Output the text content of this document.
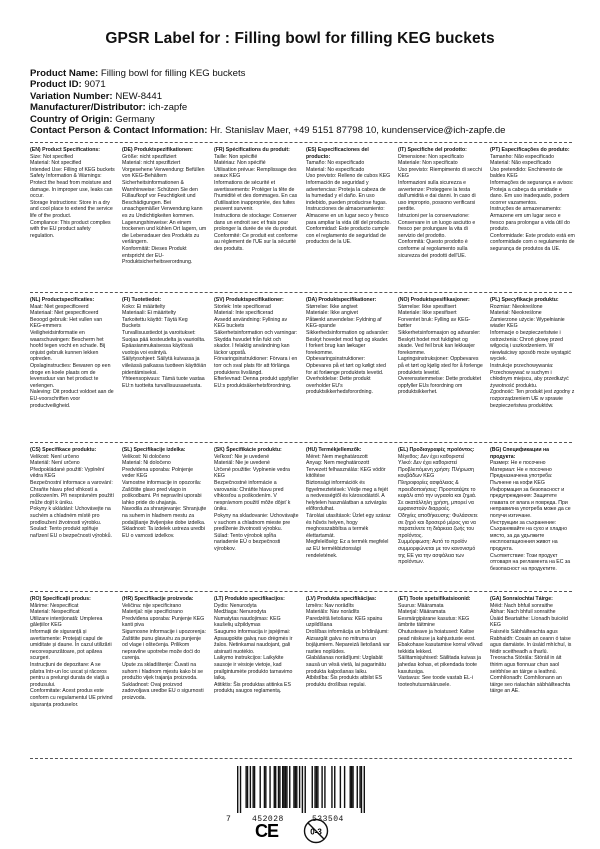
GPSR Label for : Filling bowl for filling KEG buckets
Product Name: Filling bowl for filling KEG buckets
Product ID: 9071
Variation Number: NEW-8441
Manufacturer/Distributor: ich-zapfe
Country of Origin: Germany
Contact Person & Contact Information: Hr. Stanislav Maer, +49 5151 87798 10, kundenservice@ich-zapfe.de
(EN) Product Specifications:
Size: Not specified
Material: Not specified
Intended Use: Filling of KEG buckets
Safety Information & Warnings: Protect the head from moisture and damage. In improper use, leaks can occur.
Storage Instructions: Store in a dry and cool place to extend the service life of the product.
Compliance: This product complies with the EU product safety regulation.
(DE) Produktspezifikationen:
Größe: nicht spezifiziert
Material: nicht spezifiziert
Vorgesehene Verwendung: Befüllen von KEG-Behältern
Sicherheitsinformationen & Warnhinweise: Schützen Sie den Füllaufkopf vor Feuchtigkeit und Beschädigungen. Bei unsachgemäßer Verwendung kann es zu Undichtigkeiten kommen.
Lagerungshinweise: An einem trockenen und kühlen Ort lagern, um die Lebensdauer des Produkts zu verlängern.
Konformität: Dieses Produkt entspricht der EU-Produktsicherheitsverordnung.
(FR) Spécifications du produit:
Taille: Non spécifié
Matériau: Non spécifié
Utilisation prévue: Remplissage des seaux KEG
Informations de sécurité et avertissements: Protéger la tête de l'humidité et des dommages. En cas d'utilisation inappropriée, des fuites peuvent survenir.
Instructions de stockage: Conserver dans un endroit sec et frais pour prolonger la durée de vie du produit.
Conformité: Ce produit est conforme au règlement de l'UE sur la sécurité des produits.
(ES) Especificaciones del producto:
Tamaño: No especificado
Material: No especificado
Uso previsto: Relleno de cubos KEG
Información de seguridad y advertencias: Proteja la cabeza de la humedad y el daño. En uso indebido, pueden producirse fugas.
Instrucciones de almacenamiento: Almacene en un lugar seco y fresco para ampliar la vida útil del producto.
Conformidad: Este producto cumple con el reglamento de seguridad de productos de la UE.
(IT) Specifiche del prodotto:
Dimensione: Non specificato
Materiale: Non specificato
Uso previsto: Riempimento di secchi KEG
Informazioni sulla sicurezza e avvertenze: Proteggere la testa dall'umidità e dai danni. In caso di uso improprio, possono verificarsi perdite.
Istruzioni per la conservazione: Conservare in un luogo asciutto e fresco per prolungare la vita di servizio del prodotto.
Conformità: Questo prodotto è conforme al regolamento sulla sicurezza dei prodotti dell'UE.
(PT) Especificações do produto:
Tamanho: Não especificado
Material: Não especificado
Uso pretendido: Enchimento de baldes KEG
Informações de segurança e avisos: Proteja a cabeça da umidade e dano. Em uso inadequado, podem ocorrer vazamentos.
Instruções de armazenamento: Armazene em um lugar seco e fresco para prolongar a vida útil do produto.
Conformidade: Este produto está em conformidade com o regulamento de segurança de produtos da UE.
(NL) Productspecificaties:
Maat: Niet gespecificeerd
Materiaal: Niet gespecificeerd
Beoogd gebruik: Het vullen van KEG-emmers
Veiligheidsinformatie en waarschuwingen: Bescherm het hoofd tegen vocht en schade. Bij onjuist gebruik kunnen lekken optreden.
Opslaginstructies: Bewaren op een droge en koele plaats om de levensduur van het product te verlengen.
Naleving: Dit product voldoet aan de EU-voorschriften voor productveiligheid.
(FI) Tuotetiedot:
Koko: Ei määritelty
Materiaali: Ei määritelty
Tarkoitettu käyttö: Täytä Keg Buckets
Turvallisuustiedot ja varoitukset: Suojaa pää kosteudelta ja vaurioilta. Epäasianmukaisessa käytössä vuotoja voi esiintyä.
Säilytysohjeet: Säilytä kuivassa ja viileässä paikassa tuotteen käyttöiän pidentämiseksi.
Yhteensopivuus: Tämä tuote vastaa EU:n tuotteita turvallisuusasetusta.
(SV) Produktspecifikationer:
Storlek: Inte specificerad
Material: Inte specificerad
Avsedd användning: Fyllning av KEG buckets
Säkerhetsinformation och varningar: Skydda huvudet från fukt och skador. I felaktig användning kan läckor uppstå.
Förvaringsinstruktioner: Förvara i en torr och sval plats för att förlänga produktens livslängd.
Efterlevnad: Denna produkt uppfyller EU:s produktsäkerhetsförordning.
(DA) Produktspecifikationer:
Størrelse: Ikke angivet
Materiale: Ikke angivet
Påtænkt anvendelse: Fyldning af KEG-spande
Sikkerhedsinformation og advarsler: Beskyt hovedet mod fugt og skader. I forkert brug kan lækager forekomme.
Opbevaringsinstruktioner: Opbevares på et tørt og køligt sted for at forlænge produktets levetid.
Overholdelse: Dette produkt overholder EU's produktsikkerhedsforordning.
(NO) Produktspesifikasjoner:
Størrelse: Ikke spesifisert
Materiale: Ikke spesifisert
Forventet bruk: Fylling av KEG-bøtter
Sikkerhetsinformasjon og advarsler: Beskytt hodet mot fuktighet og skade. Ved feil bruk kan lekkasjer forekomme.
Lagringsinstruksjoner: Oppbevares på et tørt og kjølig sted for å forlenge produktets levetid.
Overensstemmelse: Dette produktet oppfyller EUs forordning om produktsikkerhet.
(PL) Specyfikacje produktu:
Rozmiar: Nieokreślone
Materiał: Nieokreślone
Zamierzone użycie: Wypełnianie wiader KEG
Informacje o bezpieczeństwie i ostrzeżenia: Chroń głowę przed wilgocią i uszkodzeniem. W niewłaściwy sposób może wystąpić wyciek.
Instrukcje przechowywania: Przechowywać w suchym i chłodnym miejscu, aby przedłużyć żywotność produktu.
Zgodność: Ten produkt jest zgodny z rozporządzeniem UE w sprawie bezpieczeństwa produktów.
(CS) Specifikace produktu:
Velikost: Není určeno
Materiál: Není určeno
Předpokládané použití: Vyplnění vědra KEG
Bezpečnostní informace a varování: Chraňte hlavu před vlhkostí a poškozením. Při nesprávném použití může dojít k úniku.
Pokyny k ukládání: Uchovávejte na suchém a chladném místě pro prodloužení životnosti výrobku.
Soulad: Tento produkt splňuje nařízení EU o bezpečnosti výrobků.
(SL) Specifikacije izdelka:
Velikost: Ni določeno
Material: Ni določeno
Predvidena uporaba: Polnjenje veder KEG
Varnostne informacije in opozorila: Zaščitite glavo pred vlago in poškodbami. Pri nepravilni uporabi lahko pride do uhajanja.
Navodila za shranjevanje: Shranjujte na suhem in hladnem mestu za podaljšanje življenjske dobe izdelka.
Skladnost: Ta izdelek ustreza uredbi EU o varnosti izdelkov.
(SK) Špecifikácie produktu:
Veľkosť: Nie je uvedené
Materiál: Nie je uvedené
Určené použitie: Vyplnenie vedra KEG
Bezpečnostné informácie a varovania: Chráňte hlavu pred vlhkosťou a poškodením. V nesprávnom použití môže dôjsť k úniku.
Pokyny na skladovanie: Uchovávajte v suchom a chladnom mieste pre predĺženie životnosti výrobku.
Súlad: Tento výrobok spĺňa nariadenie EÚ o bezpečnosti výrobkov.
(HU) Termékjellemzők:
Méret: Nem meghatározott
Anyag: Nem meghatározott
Tervezett felhasználás: KEG vödör kitöltése
Biztonsági információk és figyelmeztetések: Védje meg a fejét a nedvességtől és károsodástól. A helytelen használatban a szivárgás előfordulhat.
Tárolási utasítások: Üzlet egy száraz és hűvös helyen, hogy meghosszabbítsa a termék élettartamát.
Megfelelőség: Ez a termék megfelel az EU termékbiztonsági rendeletének.
(EL) Προδιαγραφές προϊόντος:
Μέγεθος: Δεν έχει καθοριστεί
Υλικό: Δεν έχει καθοριστεί
Προβλεπόμενη χρήση: Πλήρωση κουβάδων KEG
Πληροφορίες ασφάλειας & προειδοποιήσεις: Προστατέψτε το κεφάλι από την υγρασία και ζημιά. Σε ακατάλληλη χρήση, μπορεί να εμφανιστούν διαρροές.
Οδηγίες αποθήκευσης: Φυλάσσετε σε ξηρό και δροσερό μέρος για να παρατείνετε τη διάρκεια ζωής του προϊόντος.
Συμμόρφωση: Αυτό το προϊόν συμμορφώνεται με τον κανονισμό της ΕΕ για την ασφάλεια των προϊόντων.
(BG) Спецификации на продукта:
Размер: Не е посочено
Материал: Не е посочено
Предназначена употреба: Пълнене на кофи KEG
Информация за безопасност и предупреждения: Защитете главата от влага и повреда. При неправилна употреба може да се получи изтичане.
Инструкции за съхранение: Съхранявайте на сухо и хладно място, за да удължите експлоатационния живот на продукта.
Съответствие: Този продукт отговаря на регламента на ЕС за безопасност на продуктите.
(RO) Specificații produs:
Mărime: Nespecificat
Material: Nespecificat
Utilizare intenționată: Umplerea gălețiilor KEG
Informații de siguranță și avertismente: Protejați capul de umiditate și daune. În cazul utilizării necorespunzătoare, pot apărea scurgeri.
Instrucțiuni de depozitare: A se păstra într-un loc uscat și răcoros pentru a prelungi durata de viață a produsului.
Conformitate: Acest produs este conform cu regulamentul UE privind siguranța produselor.
(HR) Specifikacije proizvoda:
Veličina: nije specificirano
Materijal: nije specificirano
Predviđena uporaba: Punjenje KEG kanti piva
Sigurnosne informacije i upozorenja: Zaštitite punu glavu/ru za punjenje od vlage i oštećenja. Prilikom nepravilne upotrebe može doći do curenja.
Upute za skladištenje: Čuvati na suhom i hladnom mjestu kako bi se produžio vijek trajanja proizvoda.
Sukladnost: Ovaj proizvod zadovoljava uredbe EU o sigurnosti proizvoda.
(LT) Produkto specifikacijos:
Dydis: Nenurodyta
Medžiaga: Nenurodyta
Numatytas naudojimas: KEG kaušelių užpildymas
Saugumo informacija ir įspėjimai: Apsaugokite galvą nuo drėgmės ir žalos. Netinkamai naudojant, gali atsirasti nuotėkio.
Laikymo instrukcijos: Laikykite sausoje ir vėsioje vietoje, kad prailgintumėte produkto tarnavimo laiką.
Atitiktis: Šis produktas atitinka ES produktų saugos reglamentą.
(LV) Produkta specifikācijas:
Izmērs: Nav norādīts
Materiāls: Nav norādīts
Paredzētā lietošana: KEG spainu uzpildīšana
Drošības informācija un brīdinājumi: Aizsargāt galvu no mitruma un bojājumiem. Nepareizā lietošanā var rasties noplūdes.
Glabāšanas norādījumi: Uzglabāt sausā un vēsā vietā, lai pagarinātu produkta kalpošanas laiku.
Atbilstība: Šis produkts atbilst ES produktu drošības regulai.
(ET) Toote spetsifikatsioonid:
Suurus: Määramata
Materjal: Määramata
Eesmärgipärane kasutus: KEG ämbrite täitmine
Ohutusteave ja hoiatused: Kaitse pead niiskuse ja kahjustuste eest. Ebakohase kasutamise korral võivad tekkida lekked.
Säilitamisjuhised: Säilitada kuivas ja jahedas kohas, et pikendada toote kasutusiga.
Vastavus: See toode vastab EL-i tooteohutusmäärusele.
(GA) Sonraíochtaí Táirge:
Méid: Nach bhfuil sonraithe
Ábhar: Nach bhfuil sonraithe
Úsáid Beartaithe: Líonadh buicéid KEG
Faisnéis Sábháilteachta agus Rabhaidh: Cosain an ceann ó taise agus damáiste. In úsáid mhíchuí, is féidir sceitheadh a tharlú.
Treoracha Stórála: Stóráil in áit thirim agus fionnuar chun saol seirbhíse an táirge a leathnú.
Comhlíonadh: Comhlíonann an táirge seo rialachán sábháilteachta táirge an AE.
7	452028	533504
C E	0-3
